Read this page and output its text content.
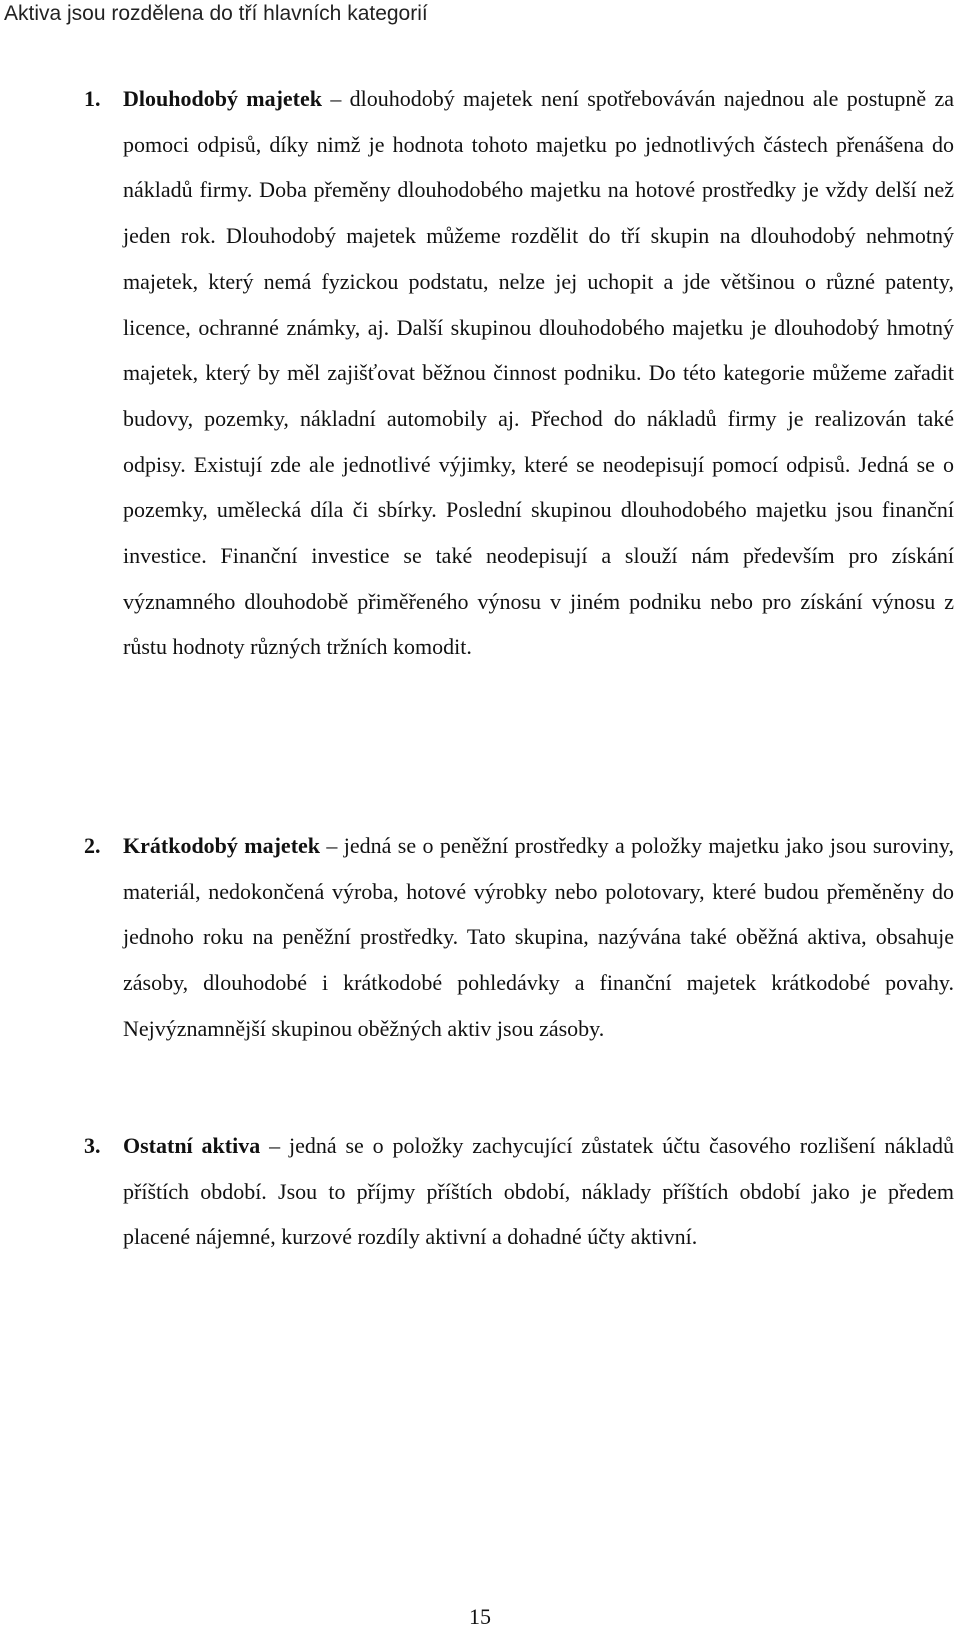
Aktiva jsou rozdělena do tří hlavních kategorií
1.	Dlouhodobý majetek – dlouhodobý majetek není spotřebováván najednou ale postupně za pomoci odpisů, díky nimž je hodnota tohoto majetku po jednotlivých částech přenášena do nákladů firmy. Doba přeměny dlouhodobého majetku na hotové prostředky je vždy delší než jeden rok. Dlouhodobý majetek můžeme rozdělit do tří skupin na dlouhodobý nehmotný majetek, který nemá fyzickou podstatu, nelze jej uchopit a jde většinou o různé patenty, licence, ochranné známky, aj. Další skupinou dlouhodobého majetku je dlouhodobý hmotný majetek, který by měl zajišťovat běžnou činnost podniku. Do této kategorie můžeme zařadit budovy, pozemky, nákladní automobily aj. Přechod do nákladů firmy je realizován také odpisy. Existují zde ale jednotlivé výjimky, které se neodepisují pomocí odpisů. Jedná se o pozemky, umělecká díla či sbírky. Poslední skupinou dlouhodobého majetku jsou finanční investice. Finanční investice se také neodepisují a slouží nám především pro získání významného dlouhodobě přiměřeného výnosu v jiném podniku nebo pro získání výnosu z růstu hodnoty různých tržních komodit.
2.	Krátkodobý majetek – jedná se o peněžní prostředky a položky majetku jako jsou suroviny, materiál, nedokončená výroba, hotové výrobky nebo polotovary, které budou přeměněny do jednoho roku na peněžní prostředky. Tato skupina, nazývána také oběžná aktiva, obsahuje zásoby, dlouhodobé i krátkodobé pohledávky a finanční majetek krátkodobé povahy. Nejvýznamnější skupinou oběžných aktiv jsou zásoby.
3.	Ostatní aktiva – jedná se o položky zachycující zůstatek účtu časového rozlišení nákladů příštích období. Jsou to příjmy příštích období, náklady příštích období jako je předem placené nájemné, kurzové rozdíly aktivní a dohadné účty aktivní.
15
